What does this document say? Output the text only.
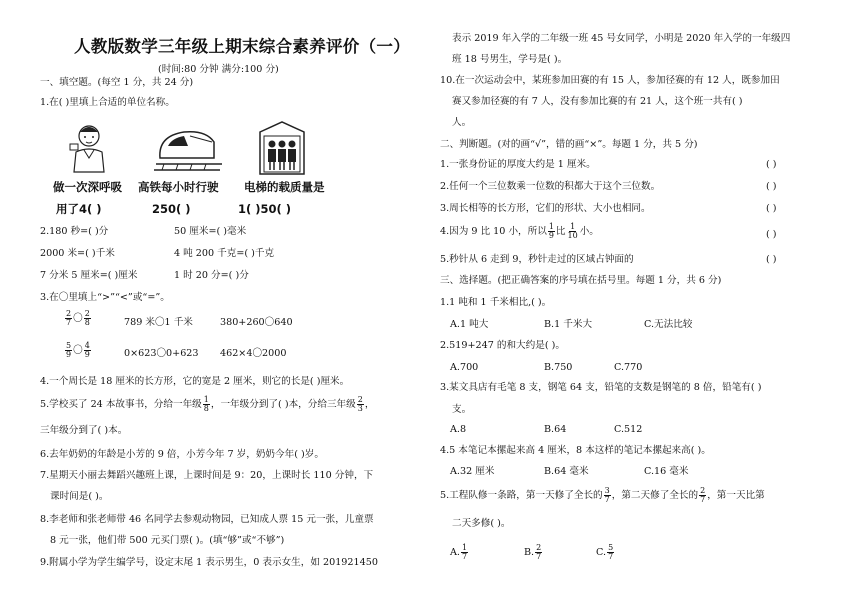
人教版数学三年级上期末综合素养评价（一）
(时间:80 分钟 满分:100 分)
一、填空题。(每空 1 分，共 24 分)
1.在( )里填上合适的单位名称。
做一次深呼吸 高铁每小时行驶 电梯的载质量是
用了4( )	250( )	1( )50( )
2.180 秒=( )分	50 厘米=( )毫米
2000 米=( )千米	4 吨 200 千克=( )千克
7 分米 5 厘米=( )厘米	1 时 20 分=( )分
3.在〇里填上“>”“<”或“=”。
$\frac{2}{7}$ 〇 $\frac{2}{8}$	789 米〇1 千米	380+260〇640
$\frac{5}{9}$ 〇 $\frac{4}{9}$	0×623〇0+623 462×4〇2000
4.一个周长是 18 厘米的长方形，它的宽是 2 厘米，则它的长是( )厘米。
5.学校买了 24 本故事书，分给一年级 $\frac{1}{8}$ ，一年级分到了( )本，分给三年级 $\frac{2}{3}$ ，
三年级分到了( )本。
6.去年奶奶的年龄是小芳的 9 倍，小芳今年 7 岁，奶奶今年( )岁。
7.星期天小丽去舞蹈兴趣班上课，上课时间是 9：20，上课时长 110 分钟，下
课时间是( )。
8.李老师和张老师带 46 名同学去参观动物园，已知成人票 15 元一张，儿童票
8 元一张，他们带 500 元买门票( )。(填“够”或“不够”)
9.附属小学为学生编学号，设定末尾 1 表示男生，0 表示女生，如 201921450
表示 2019 年入学的二年级一班 45 号女同学，小明是 2020 年入学的一年级四
班 18 号男生，学号是( )。
10.在一次运动会中，某班参加田赛的有 15 人，参加径赛的有 12 人，既参加田
赛又参加径赛的有 7 人，没有参加比赛的有 21 人，这个班一共有( )
人。
二、判断题。(对的画“√”，错的画“×”。每题 1 分，共 5 分)
1.一张身份证的厚度大约是 1 厘米。	( )
2.任何一个三位数乘一位数的积都大于这个三位数。	( )
3.周长相等的长方形，它们的形状、大小也相同。	( )
4.因为 9 比 10 小，所以 $\frac{1}{9}$ 比 $\frac{1}{10}$ 小。	( )
5.秒针从 6 走到 9，秒针走过的区域占钟面的	( )
三、选择题。(把正确答案的序号填在括号里。每题 1 分，共 6 分)
1.1 吨和 1 千米相比,( )。
A.1 吨大	B.1 千米大	C.无法比较
2.519+247 的和大约是( )。
A.700	B.750	C.770
3.某文具店有毛笔 8 支，钢笔 64 支，铅笔的支数是钢笔的 8 倍，铅笔有( )
支。
A.8	B.64	C.512
4.5 本笔记本摞起来高 4 厘米，8 本这样的笔记本摞起来高( )。
A.32 厘米	B.64 毫米	C.16 毫米
5.工程队修一条路，第一天修了全长的 $\frac{3}{7}$ ，第二天修了全长的 $\frac{2}{7}$ ，第一天比第
二天多修( )。
A. $\frac{1}{7}$	B. $\frac{2}{7}$	C. $\frac{5}{7}$
